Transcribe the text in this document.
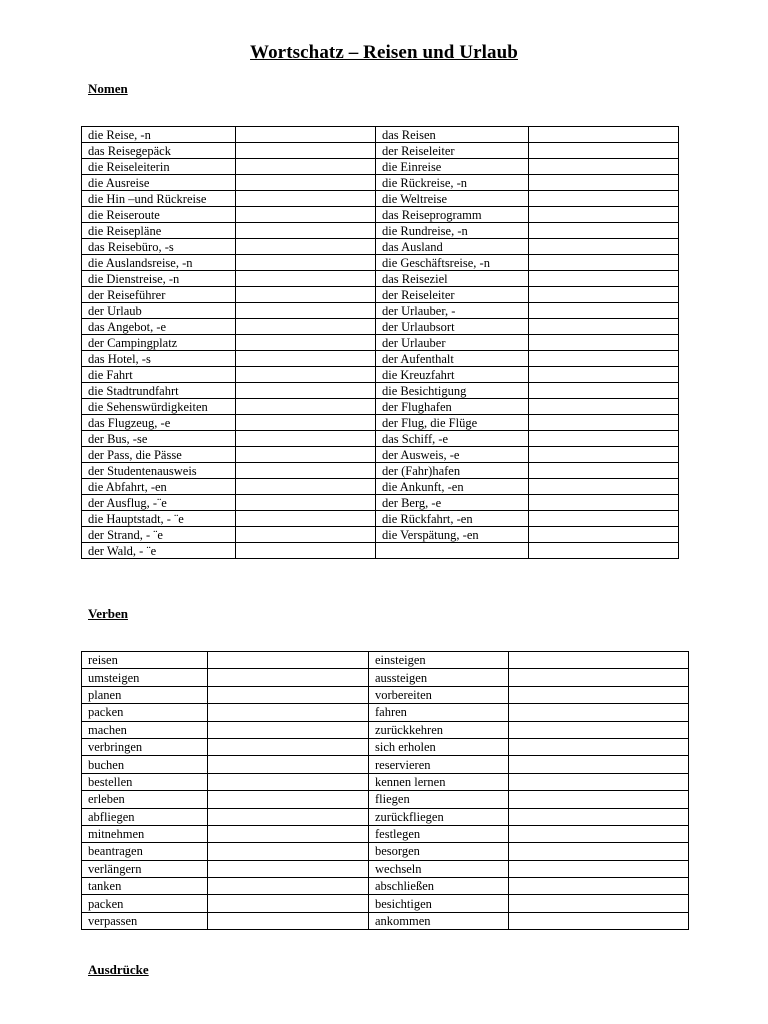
Wortschatz – Reisen und Urlaub
Nomen
die Reise, -n		das Reisen	
das Reisegepäck		der Reiseleiter	
die Reiseleiterin		die Einreise	
die Ausreise		die Rückreise, -n	
die Hin –und Rückreise		die Weltreise	
die Reiseroute		das Reiseprogramm	
die Reisepläne		die Rundreise, -n	
das Reisebüro, -s		das Ausland	
die Auslandsreise, -n		die Geschäftsreise, -n	
die Dienstreise, -n		das Reiseziel	
der Reiseführer		der Reiseleiter	
der Urlaub		der Urlauber, -	
das Angebot, -e		der Urlaubsort	
der Campingplatz		der Urlauber	
das Hotel, -s		der Aufenthalt	
die Fahrt		die Kreuzfahrt	
die Stadtrundfahrt		die Besichtigung	
die Sehenswürdigkeiten		der Flughafen	
das Flugzeug, -e		der Flug, die Flüge	
der Bus, -se		das Schiff, -e	
der Pass, die Pässe		der Ausweis, -e	
der Studentenausweis		der (Fahr)hafen	
die Abfahrt, -en		die Ankunft, -en	
der Ausflug, -¨e		der Berg, -e	
die Hauptstadt, - ¨e		die Rückfahrt, -en	
der Strand, - ¨e		die Verspätung, -en	
der Wald, - ¨e			
Verben
reisen		einsteigen	
umsteigen		aussteigen	
planen		vorbereiten	
packen		fahren	
machen		zurückkehren	
verbringen		sich erholen	
buchen		reservieren	
bestellen		kennen lernen	
erleben		fliegen	
abfliegen		zurückfliegen	
mitnehmen		festlegen	
beantragen		besorgen	
verlängern		wechseln	
tanken		abschließen	
packen		besichtigen	
verpassen		ankommen	
Ausdrücke
